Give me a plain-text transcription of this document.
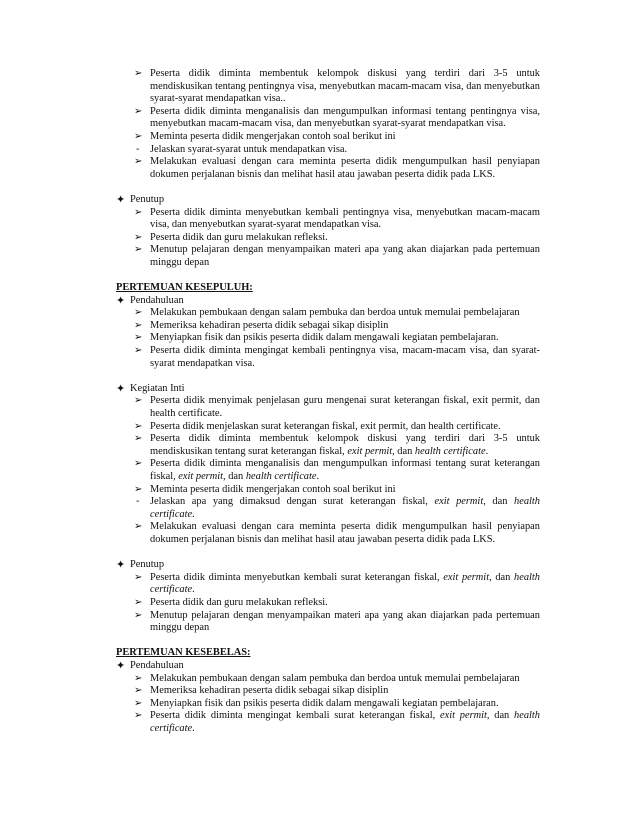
➢ Peserta didik diminta membentuk kelompok diskusi yang terdiri dari 3-5 untuk mendiskusikan tentang pentingnya visa, menyebutkan macam-macam visa, dan menyebutkan syarat-syarat mendapatkan visa..
➢ Peserta didik diminta menganalisis dan mengumpulkan informasi tentang pentingnya visa, menyebutkan macam-macam visa, dan menyebutkan syarat-syarat mendapatkan visa.
➢ Meminta peserta didik mengerjakan contoh soal berikut ini
- Jelaskan syarat-syarat untuk mendapatkan visa.
➢ Melakukan evaluasi dengan cara meminta peserta didik mengumpulkan hasil penyiapan dokumen perjalanan bisnis dan melihat hasil atau jawaban peserta didik pada LKS.
✦ Penutup
➢ Peserta didik diminta menyebutkan kembali pentingnya visa, menyebutkan macam-macam visa, dan menyebutkan syarat-syarat mendapatkan visa.
➢ Peserta didik dan guru melakukan refleksi.
➢ Menutup pelajaran dengan menyampaikan materi apa yang akan diajarkan pada pertemuan minggu depan
PERTEMUAN KESEPULUH:
✦ Pendahuluan
➢ Melakukan pembukaan dengan salam pembuka dan berdoa untuk memulai pembelajaran
➢ Memeriksa kehadiran peserta didik sebagai sikap disiplin
➢ Menyiapkan fisik dan psikis peserta didik dalam mengawali kegiatan pembelajaran.
➢ Peserta didik diminta mengingat kembali pentingnya visa, macam-macam visa, dan syarat-syarat mendapatkan visa.
✦ Kegiatan Inti
➢ Peserta didik menyimak penjelasan guru mengenai surat keterangan fiskal, exit permit, dan health certificate.
➢ Peserta didik menjelaskan surat keterangan fiskal, exit permit, dan health certificate.
➢ Peserta didik diminta membentuk kelompok diskusi yang terdiri dari 3-5 untuk mendiskusikan tentang surat keterangan fiskal, exit permit, dan health certificate.
➢ Peserta didik diminta menganalisis dan mengumpulkan informasi tentang surat keterangan fiskal, exit permit, dan health certificate.
➢ Meminta peserta didik mengerjakan contoh soal berikut ini
- Jelaskan apa yang dimaksud dengan surat keterangan fiskal, exit permit, dan health certificate.
➢ Melakukan evaluasi dengan cara meminta peserta didik mengumpulkan hasil penyiapan dokumen perjalanan bisnis dan melihat hasil atau jawaban peserta didik pada LKS.
✦ Penutup
➢ Peserta didik diminta menyebutkan kembali surat keterangan fiskal, exit permit, dan health certificate.
➢ Peserta didik dan guru melakukan refleksi.
➢ Menutup pelajaran dengan menyampaikan materi apa yang akan diajarkan pada pertemuan minggu depan
PERTEMUAN KESEBELAS:
✦ Pendahuluan
➢ Melakukan pembukaan dengan salam pembuka dan berdoa untuk memulai pembelajaran
➢ Memeriksa kehadiran peserta didik sebagai sikap disiplin
➢ Menyiapkan fisik dan psikis peserta didik dalam mengawali kegiatan pembelajaran.
➢ Peserta didik diminta mengingat kembali surat keterangan fiskal, exit permit, dan health certificate.
